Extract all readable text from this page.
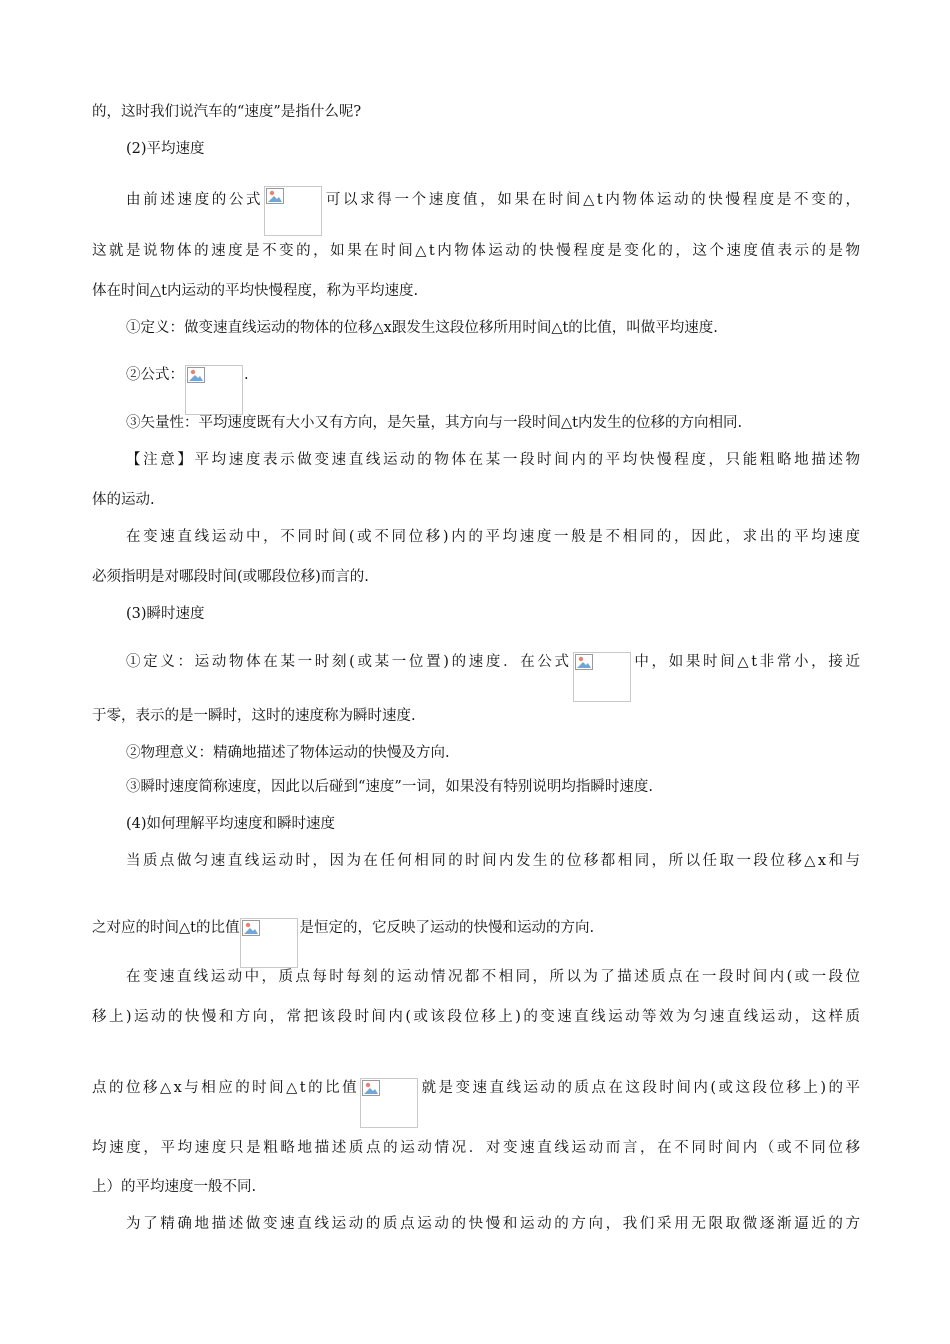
的，这时我们说汽车的“速度”是指什么呢?
(2)平均速度
由前述速度的公式	可以求得一个速度值，如果在时间△t内物体运动的快慢程度是不变的，
这就是说物体的速度是不变的，如果在时间△t内物体运动的快慢程度是变化的，这个速度值表示的是物
体在时间△t内运动的平均快慢程度，称为平均速度.
①定义：做变速直线运动的物体的位移△x跟发生这段位移所用时间△t的比值，叫做平均速度.
②公式：	.
③矢量性：平均速度既有大小又有方向，是矢量，其方向与一段时间△t内发生的位移的方向相同.
【注意】平均速度表示做变速直线运动的物体在某一段时间内的平均快慢程度，只能粗略地描述物
体的运动.
在变速直线运动中，不同时间(或不同位移)内的平均速度一般是不相同的，因此，求出的平均速度
必须指明是对哪段时间(或哪段位移)而言的.
(3)瞬时速度
①定义：运动物体在某一时刻(或某一位置)的速度．在公式	中，如果时间△t非常小，接近
于零，表示的是一瞬时，这时的速度称为瞬时速度.
②物理意义：精确地描述了物体运动的快慢及方向.
③瞬时速度简称速度，因此以后碰到“速度”一词，如果没有特别说明均指瞬时速度.
(4)如何理解平均速度和瞬时速度
当质点做匀速直线运动时，因为在任何相同的时间内发生的位移都相同，所以任取一段位移△x和与
之对应的时间△t的比值	是恒定的，它反映了运动的快慢和运动的方向.
在变速直线运动中，质点每时每刻的运动情况都不相同，所以为了描述质点在一段时间内(或一段位
移上)运动的快慢和方向，常把该段时间内(或该段位移上)的变速直线运动等效为匀速直线运动，这样质
点的位移△x与相应的时间△t的比值	就是变速直线运动的质点在这段时间内(或这段位移上)的平
均速度，平均速度只是粗略地描述质点的运动情况．对变速直线运动而言，在不同时间内（或不同位移
上）的平均速度一般不同.
为了精确地描述做变速直线运动的质点运动的快慢和运动的方向，我们采用无限取微逐渐逼近的方
